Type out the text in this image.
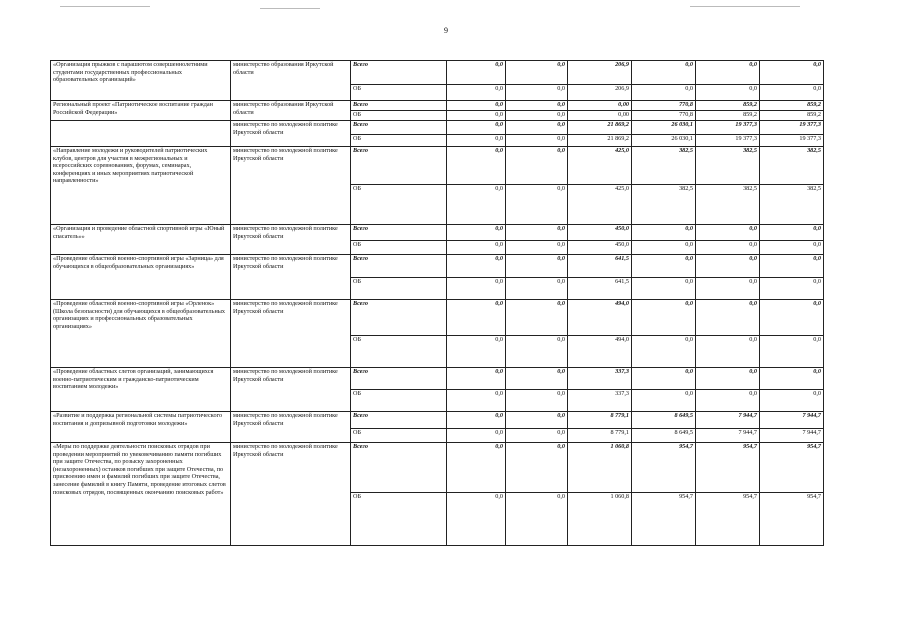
9
«Организация прыжков с парашютом совершеннолетними студентами государственных профессиональных образовательных организаций»	министерство образования Иркутской области	Всего	0,0	0,0	206,9	0,0	0,0	0,0
		ОБ	0,0	0,0	206,9	0,0	0,0	0,0
Региональный проект «Патриотическое воспитание граждан Российской Федерации»	министерство образования Иркутской области	Всего	0,0	0,0	0,00	770,8	859,2	859,2
		ОБ	0,0	0,0	0,00	770,8	859,2	859,2
	министерство по молодежной политике Иркутской области	Всего	0,0	0,0	21 869,2	26 030,1	19 377,3	19 377,3
		ОБ	0,0	0,0	21 869,2	26 030,1	19 377,3	19 377,3
«Направление молодежи и руководителей патриотических клубов, центров для участия в межрегиональных и всероссийских соревнованиях, форумах, семинарах, конференциях и иных мероприятиях патриотической направленности»	министерство по молодежной политике Иркутской области	Всего	0,0	0,0	425,0	382,5	382,5	382,5
		ОБ	0,0	0,0	425,0	382,5	382,5	382,5
«Организация и проведение областной спортивной игры «Юный спасатель»»	министерство по молодежной политике Иркутской области	Всего	0,0	0,0	450,0	0,0	0,0	0,0
		ОБ	0,0	0,0	450,0	0,0	0,0	0,0
«Проведение областной военно-спортивной игры «Зарница» для обучающихся в общеобразовательных организациях»	министерство по молодежной политике Иркутской области	Всего	0,0	0,0	641,5	0,0	0,0	0,0
		ОБ	0,0	0,0	641,5	0,0	0,0	0,0
«Проведение областной военно-спортивной игры «Орленок» (Школа безопасности) для обучающихся в общеобразовательных организациях и профессиональных образовательных организациях»	министерство по молодежной политике Иркутской области	Всего	0,0	0,0	494,0	0,0	0,0	0,0
		ОБ	0,0	0,0	494,0	0,0	0,0	0,0
«Проведение областных слетов организаций, занимающихся военно-патриотическим и гражданско-патриотическим воспитанием молодежи»	министерство по молодежной политике Иркутской области	Всего	0,0	0,0	337,3	0,0	0,0	0,0
		ОБ	0,0	0,0	337,3	0,0	0,0	0,0
«Развитие и поддержка региональной системы патриотического воспитания и допризывной подготовки молодежи»	министерство по молодежной политике Иркутской области	Всего	0,0	0,0	8 779,1	8 649,5	7 944,7	7 944,7
		ОБ	0,0	0,0	8 779,1	8 649,5	7 944,7	7 944,7
«Меры по поддержке деятельности поисковых отрядов при проведении мероприятий по увековечиванию памяти погибших при защите Отечества, по розыску захороненных (незахороненных) останков погибших при защите Отечества, по присвоению имен и фамилий погибших при защите Отечества, занесение фамилий в книгу Памяти, проведение итоговых слетов поисковых отрядов, посвященных окончанию поисковых работ»	министерство по молодежной политике Иркутской области	Всего	0,0	0,0	1 060,8	954,7	954,7	954,7
		ОБ	0,0	0,0	1 060,8	954,7	954,7	954,7
